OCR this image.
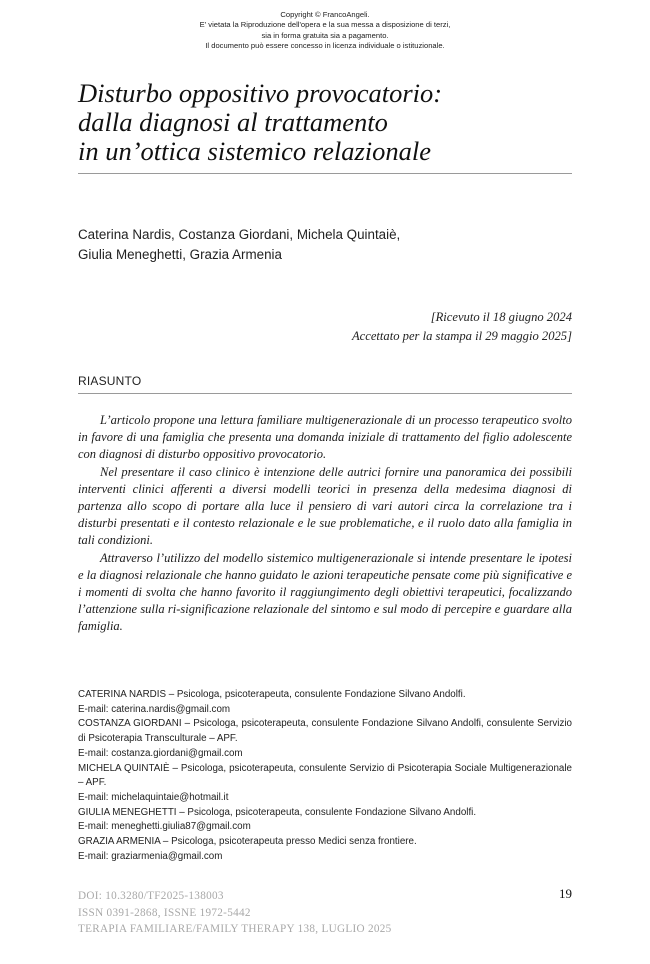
Copyright © FrancoAngeli.
E' vietata la Riproduzione dell'opera e la sua messa a disposizione di terzi,
sia in forma gratuita sia a pagamento.
Il documento può essere concesso in licenza individuale o istituzionale.
Disturbo oppositivo provocatorio:
dalla diagnosi al trattamento
in un’ottica sistemico relazionale
Caterina Nardis, Costanza Giordani, Michela Quintaiè,
Giulia Meneghetti, Grazia Armenia
[Ricevuto il 18 giugno 2024
Accettato per la stampa il 29 maggio 2025]
RIASUNTO

L’articolo propone una lettura familiare multigenerazionale di un processo terapeutico svolto in favore di una famiglia che presenta una domanda iniziale di trattamento del figlio adolescente con diagnosi di disturbo oppositivo provocatorio.

Nel presentare il caso clinico è intenzione delle autrici fornire una panoramica dei possibili interventi clinici afferenti a diversi modelli teorici in presenza della medesima diagnosi di partenza allo scopo di portare alla luce il pensiero di vari autori circa la correlazione tra i disturbi presentati e il contesto relazionale e le sue problematiche, e il ruolo dato alla famiglia in tali condizioni.

Attraverso l’utilizzo del modello sistemico multigenerazionale si intende presentare le ipotesi e la diagnosi relazionale che hanno guidato le azioni terapeutiche pensate come più significative e i momenti di svolta che hanno favorito il raggiungimento degli obiettivi terapeutici, focalizzando l’attenzione sulla ri-significazione relazionale del sintomo e sul modo di percepire e guardare alla famiglia.

CATERINA NARDIS – Psicologa, psicoterapeuta, consulente Fondazione Silvano Andolfi.
E-mail: caterina.nardis@gmail.com
COSTANZA GIORDANI – Psicologa, psicoterapeuta, consulente Fondazione Silvano Andolfi, consulente Servizio di Psicoterapia Transculturale – APF.
E-mail: costanza.giordani@gmail.com
MICHELA QUINTAIÈ – Psicologa, psicoterapeuta, consulente Servizio di Psicoterapia Sociale Multigenerazionale – APF.
E-mail: michelaquintaie@hotmail.it
GIULIA MENEGHETTI – Psicologa, psicoterapeuta, consulente Fondazione Silvano Andolfi.
E-mail: meneghetti.giulia87@gmail.com
GRAZIA ARMENIA – Psicologa, psicoterapeuta presso Medici senza frontiere.
E-mail: graziarmenia@gmail.com
DOI: 10.3280/TF2025-138003
ISSN 0391-2868, ISSNE 1972-5442
TERAPIA FAMILIARE/FAMILY THERAPY 138, LUGLIO 2025
19
